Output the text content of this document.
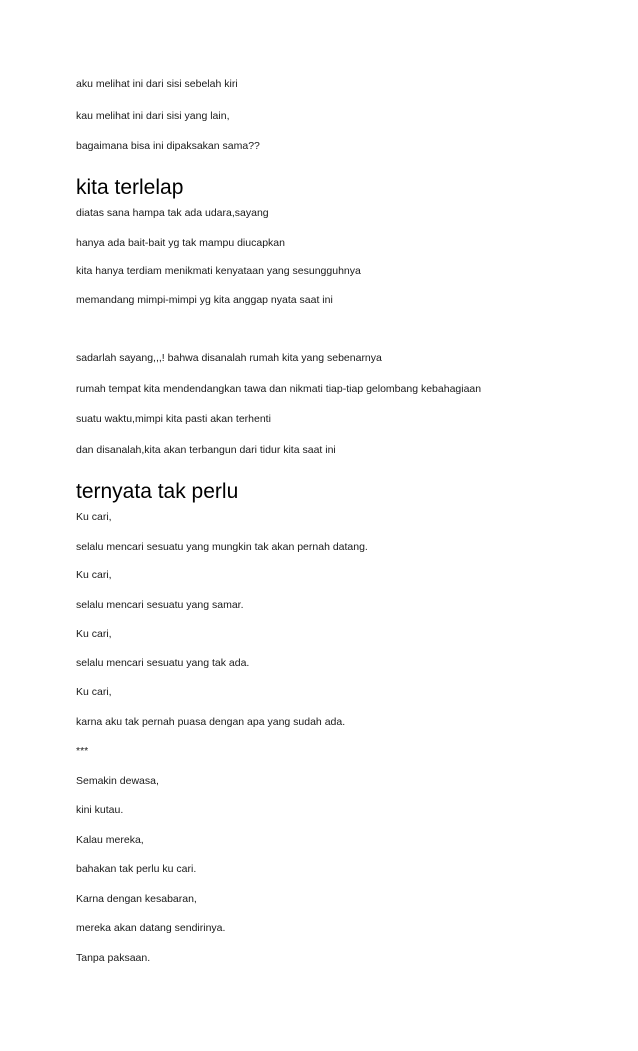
aku melihat ini dari sisi sebelah kiri
kau melihat ini dari sisi yang lain,
bagaimana bisa ini dipaksakan sama??
kita terlelap
diatas sana hampa tak ada udara,sayang
hanya ada bait-bait yg tak mampu diucapkan
kita hanya terdiam menikmati kenyataan yang sesungguhnya
memandang mimpi-mimpi yg kita anggap nyata saat ini
sadarlah sayang,,,! bahwa disanalah rumah kita yang sebenarnya
rumah tempat kita mendendangkan tawa dan nikmati tiap-tiap gelombang kebahagiaan
suatu waktu,mimpi kita pasti akan terhenti
dan disanalah,kita akan terbangun dari tidur kita saat ini
ternyata tak perlu
Ku cari,
selalu mencari sesuatu yang mungkin tak akan pernah datang.
Ku cari,
selalu mencari sesuatu yang samar.
Ku cari,
selalu mencari sesuatu yang tak ada.
Ku cari,
karna aku tak pernah puasa dengan apa yang sudah ada.
***
Semakin dewasa,
kini kutau.
Kalau mereka,
bahakan tak perlu ku cari.
Karna dengan kesabaran,
mereka akan datang sendirinya.
Tanpa paksaan.
